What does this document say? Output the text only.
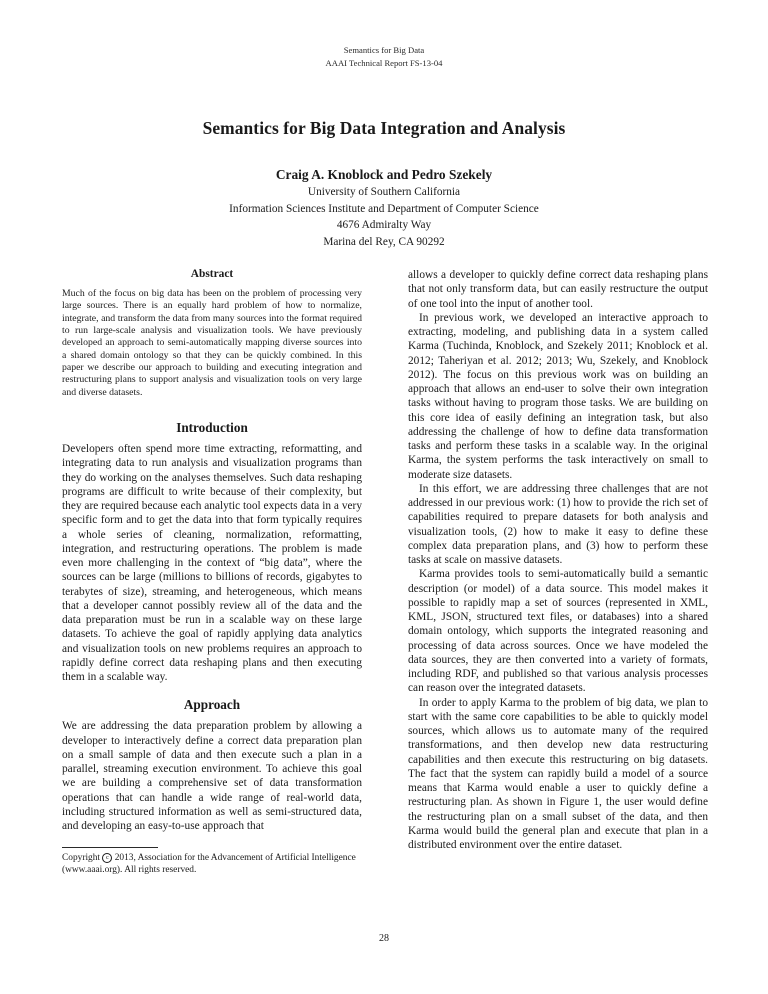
Semantics for Big Data
AAAI Technical Report FS-13-04
Semantics for Big Data Integration and Analysis
Craig A. Knoblock and Pedro Szekely
University of Southern California
Information Sciences Institute and Department of Computer Science
4676 Admiralty Way
Marina del Rey, CA 90292
Abstract

Much of the focus on big data has been on the problem of processing very large sources. There is an equally hard problem of how to normalize, integrate, and transform the data from many sources into the format required to run large-scale analysis and visualization tools. We have previously developed an approach to semi-automatically mapping diverse sources into a shared domain ontology so that they can be quickly combined. In this paper we describe our approach to building and executing integration and restructuring plans to support analysis and visualization tools on very large and diverse datasets.

Introduction

Developers often spend more time extracting, reformatting, and integrating data to run analysis and visualization programs than they do working on the analyses themselves. Such data reshaping programs are difficult to write because of their complexity, but they are required because each analytic tool expects data in a very specific form and to get the data into that form typically requires a whole series of cleaning, normalization, reformatting, integration, and restructuring operations. The problem is made even more challenging in the context of “big data”, where the sources can be large (millions to billions of records, gigabytes to terabytes of size), streaming, and heterogeneous, which means that a developer cannot possibly review all of the data and the data preparation must be run in a scalable way on these large datasets. To achieve the goal of rapidly applying data analytics and visualization tools on new problems requires an approach to rapidly define correct data reshaping plans and then executing them in a scalable way.

Approach

We are addressing the data preparation problem by allowing a developer to interactively define a correct data preparation plan on a small sample of data and then execute such a plan in a parallel, streaming execution environment. To achieve this goal we are building a comprehensive set of data transformation operations that can handle a wide range of real-world data, including structured information as well as semi-structured data, and developing an easy-to-use approach that

allows a developer to quickly define correct data reshaping plans that not only transform data, but can easily restructure the output of one tool into the input of another tool.

In previous work, we developed an interactive approach to extracting, modeling, and publishing data in a system called Karma (Tuchinda, Knoblock, and Szekely 2011; Knoblock et al. 2012; Taheriyan et al. 2012; 2013; Wu, Szekely, and Knoblock 2012). The focus on this previous work was on building an approach that allows an end-user to solve their own integration tasks without having to program those tasks. We are building on this core idea of easily defining an integration task, but also addressing the challenge of how to define data transformation tasks and perform these tasks in a scalable way. In the original Karma, the system performs the task interactively on small to moderate size datasets.

In this effort, we are addressing three challenges that are not addressed in our previous work: (1) how to provide the rich set of capabilities required to prepare datasets for both analysis and visualization tools, (2) how to make it easy to define these complex data preparation plans, and (3) how to perform these tasks at scale on massive datasets.

Karma provides tools to semi-automatically build a semantic description (or model) of a data source. This model makes it possible to rapidly map a set of sources (represented in XML, KML, JSON, structured text files, or databases) into a shared domain ontology, which supports the integrated reasoning and processing of data across sources. Once we have modeled the data sources, they are then converted into a variety of formats, including RDF, and published so that various analysis processes can reason over the integrated datasets.

In order to apply Karma to the problem of big data, we plan to start with the same core capabilities to be able to quickly model sources, which allows us to automate many of the required transformations, and then develop new data restructuring capabilities and then execute this restructuring on big datasets. The fact that the system can rapidly build a model of a source means that Karma would enable a user to quickly define a restructuring plan. As shown in Figure 1, the user would define the restructuring plan on a small subset of the data, and then Karma would build the general plan and execute that plan in a distributed environment over the entire dataset.

Copyright c 2013, Association for the Advancement of Artificial Intelligence (www.aaai.org). All rights reserved.

28
